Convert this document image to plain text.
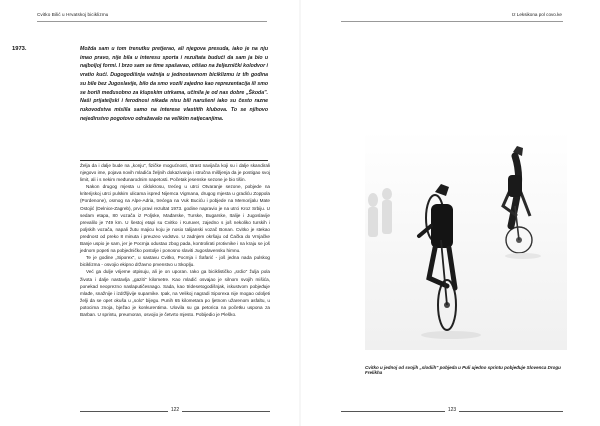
Cvitko Bilić u Hrvatskoj biciklizmu
1973.	Možda sam u tom trenutku pretjerao, ali njegova presuda, iako je na nju imao pravo, nije bila u interesu sporta i rezultata budući da sam ja bio u najboljoj formi. I brzo sam se time spašavao, otišao na željeznički kolodvor i vratio kući. Dugogodišnja važnija u jednostavnom biciklizmu iz tih godina su bile bez Jugoslavije, bilo da smo vozili zajedno kao reprezentacija ili smo se borili međusobno za klupskim utrkama, učinila je od nas dobre „Škoda". Naši prijateljski i ferodnosi nikada nisu bili narušeni iako su često razne rukovodstva mislila samo na interese vlastitih klubova. To se njihovo nejedinstvo pogotovo odražavalo na velikim natjecanjima.

Želja da i dalje bude na „konju", fizičke mogućnosti, strast navijača koji su i dalje skandirali njegovo ime, pojava novih mladića željnih dokazivanja i stručna mišljenja da je postigao svoj limit, ali i s nekim međunarodnim napetosti. Početak jesenske sezone je bio tišin.

Nakon drugog mjesta u ciklokrosu, trećeg u utrci Otvaranje sezone, pobjede na kriterijskoj utrci pulskim ulicama ispred Nijemca Vigmana, drugog mjesta u gradiću Zoppola (Pordenone), osmog na Alpe-Adria, trećega na Vuk Buciću i pobjede na Memorijalu Mate Ostojić (Delnice-Zagreb), prvi pravi rezultat 1973. godine napravio je na utrci Kroz Srbiju. U sedam etapa, 80 vozača iz Poljske, Mađarske, Turske, Bugarske, Italije i Jugoslavije prevalilo je 749 km. U šestoj etapi su Cvitko i Kuruver, zajedno s još nekoliko turskih i poljskih vozača, napali žutu majicu koju je nosio talijanski vozač Bonan. Cvitko je stekao prednost od preko 8 minuta i preuzeo vodstvo. U zadnjem okršaju od Čačka do Vrnjačke Banje uspio je sam, jer je Pocmja odustao zbog pada, kontrolirati protivnike i na kraju se još jednom popeti na pobjedničko postolje i ponosno slaviti Jugoslavensku himnu.

Te je godine „Siporex", u sastavu Cvitko, Pocmja i Šafarić - još jedna nada pulskog biciklizma - osvojio ekipno državno prvenstvo u Skoplju.

Već ga dulje vrijeme otpisuju, ali je on uporan. Iako ga biciklističko „srdio" žulja pola života i dalje nastavlja „gaziti" kilometre. Kao mladić osvajao je silnom svojih mišića, ponekad neoprezno naslaputičesnago. Sada, kao tridesetogodišnjak, iskustvom pobjeđuje mlađe, snažnije i izdržljivije suparnike. Ipak, na Velikoj nagradi Siporexa nije mogao odoljeti želji da se opet okuša u „solo" bijegu. Punih 65 kilometara po ljetnom užarenom asfaltu, u potocima znoja, bježao je konkurentima. Ulovila su ga petorica na početku uspona za Barban. U sprintu, preumoran, osvojio je četvrto mjesto. Pobijedio je Pleško.

122
Iz Leksikona pol covo.ke
Cvitko u jednoj od svojih „slodiih" pobjeda u Puli ujedno sprintu pobjeđuje Slovenca Drogu Frelikha
123
